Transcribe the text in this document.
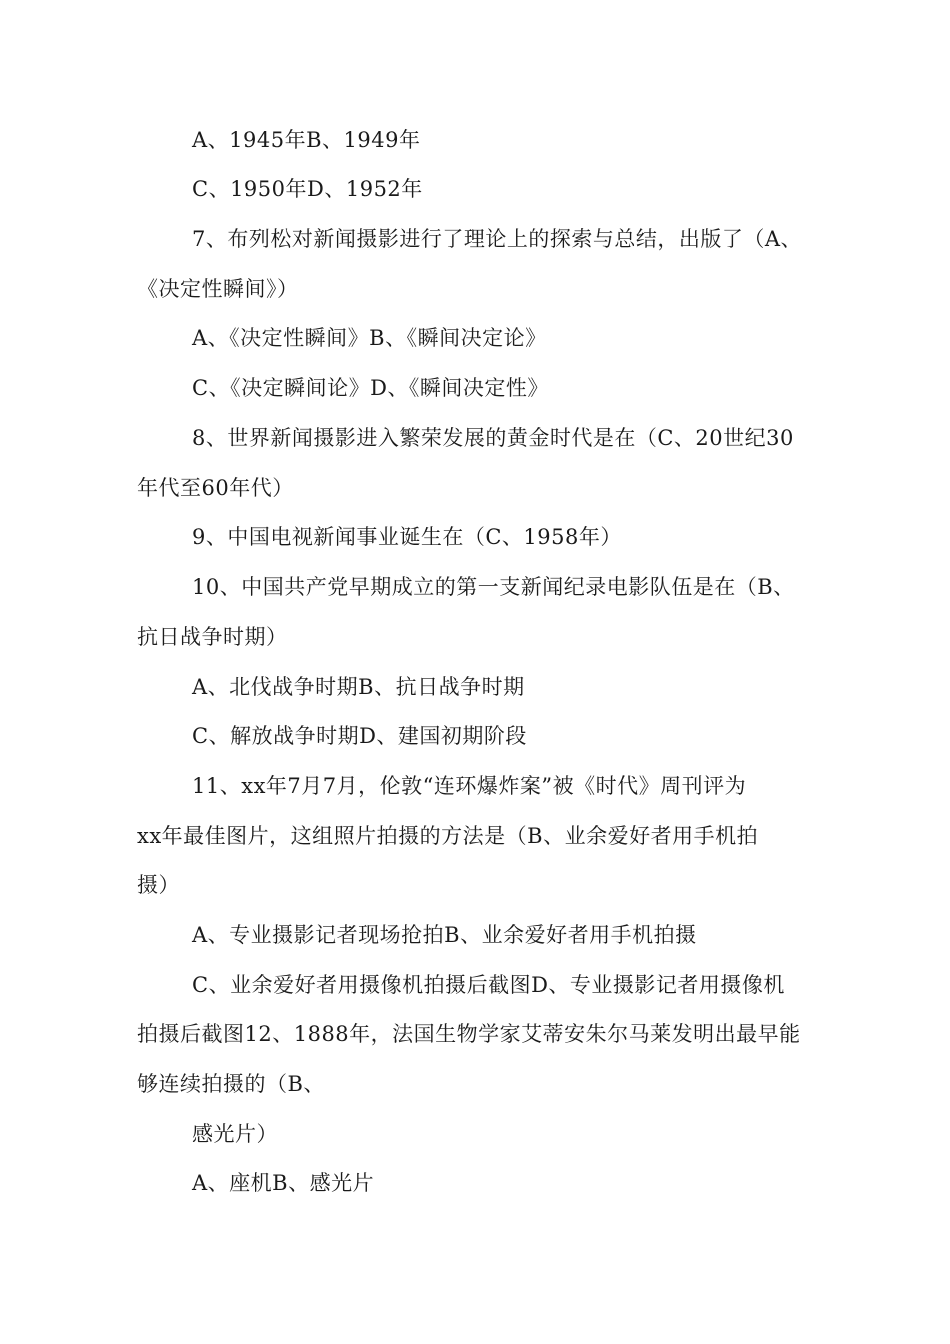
A、1945年B、1949年
C、1950年D、1952年
7、布列松对新闻摄影进行了理论上的探索与总结，出版了（A、
《决定性瞬间》）
A、《决定性瞬间》B、《瞬间决定论》
C、《决定瞬间论》D、《瞬间决定性》
8、世界新闻摄影进入繁荣发展的黄金时代是在（C、20世纪30
年代至60年代）
9、中国电视新闻事业诞生在（C、1958年）
10、中国共产党早期成立的第一支新闻纪录电影队伍是在（B、
抗日战争时期）
A、北伐战争时期B、抗日战争时期
C、解放战争时期D、建国初期阶段
11、xx年7月7月，伦敦“连环爆炸案”被《时代》周刊评为
xx年最佳图片，这组照片拍摄的方法是（B、业余爱好者用手机拍
摄）
A、专业摄影记者现场抢拍B、业余爱好者用手机拍摄
C、业余爱好者用摄像机拍摄后截图D、专业摄影记者用摄像机
拍摄后截图12、1888年，法国生物学家艾蒂安朱尔马莱发明出最早能
够连续拍摄的（B、
感光片）
A、座机B、感光片
